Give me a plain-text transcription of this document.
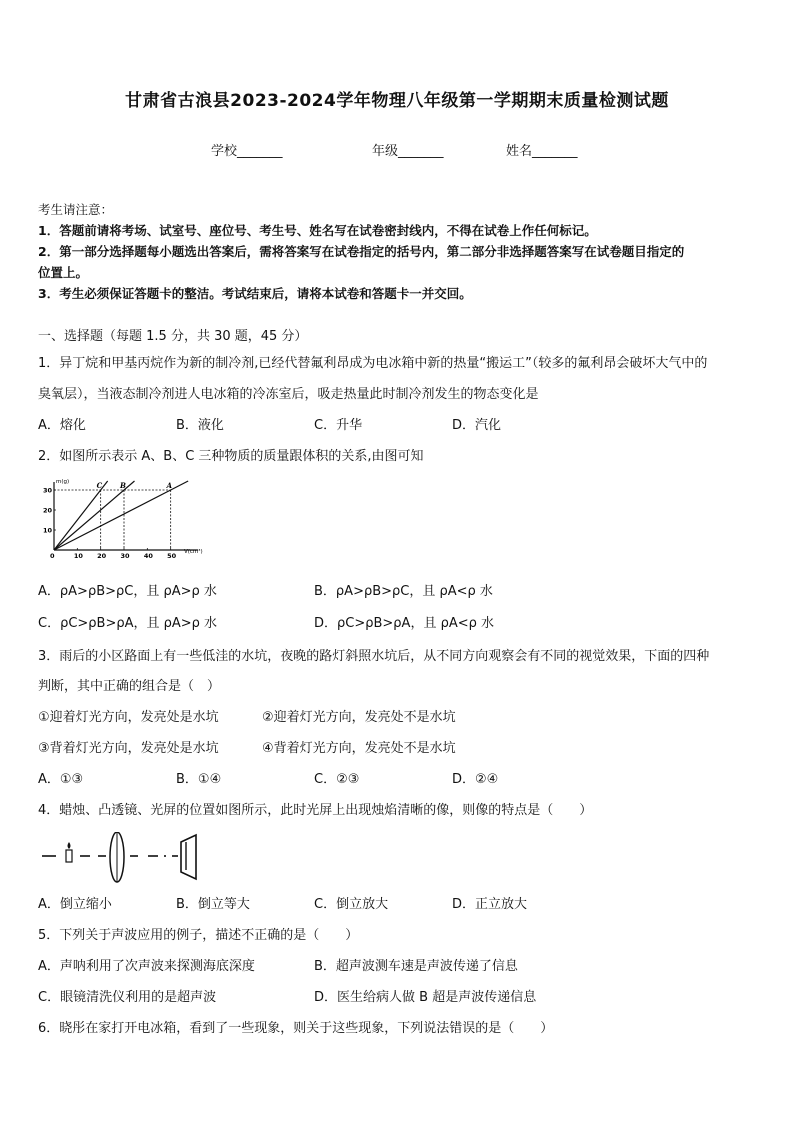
甘肃省古浪县2023-2024学年物理八年级第一学期期末质量检测试题
学校_______	年级_______	姓名_______
考生请注意：
1．答题前请将考场、试室号、座位号、考生号、姓名写在试卷密封线内，不得在试卷上作任何标记。
2．第一部分选择题每小题选出答案后，需将答案写在试卷指定的括号内，第二部分非选择题答案写在试卷题目指定的
位置上。
3．考生必须保证答题卡的整洁。考试结束后，请将本试卷和答题卡一并交回。
一、选择题（每题 1.5 分，共 30 题，45 分）
1．异丁烷和甲基丙烷作为新的制冷剂,已经代替氟利昂成为电冰箱中新的热量“搬运工”（较多的氟利昂会破坏大气中的
臭氧层），当液态制冷剂进人电冰箱的冷冻室后，吸走热量此时制冷剂发生的物态变化是
A．熔化	B．液化	C．升华	D．汽化
2．如图所示表示 A、B、C 三种物质的质量跟体积的关系,由图可知
m(g)
V(cm³)
0	10 20 30 40 50
10
20
30
C	B	A
A．ρA>ρB>ρC，且 ρA>ρ 水	B．ρA>ρB>ρC，且 ρA<ρ 水
C．ρC>ρB>ρA，且 ρA>ρ 水	D．ρC>ρB>ρA，且 ρA<ρ 水
3．雨后的小区路面上有一些低洼的水坑，夜晚的路灯斜照水坑后，从不同方向观察会有不同的视觉效果，下面的四种
判断，其中正确的组合是（　）
①迎着灯光方向，发亮处是水坑	②迎着灯光方向，发亮处不是水坑
③背着灯光方向，发亮处是水坑	④背着灯光方向，发亮处不是水坑
A．①③	B．①④	C．②③	D．②④
4．蜡烛、凸透镜、光屏的位置如图所示，此时光屏上出现烛焰清晰的像，则像的特点是（　　）
A．倒立缩小	B．倒立等大	C．倒立放大	D．正立放大
5．下列关于声波应用的例子，描述不正确的是（　　）
A．声呐利用了次声波来探测海底深度	B．超声波测车速是声波传递了信息
C．眼镜清洗仪利用的是超声波	D．医生给病人做 B 超是声波传递信息
6．晓彤在家打开电冰箱，看到了一些现象，则关于这些现象，下列说法错误的是（　　）
